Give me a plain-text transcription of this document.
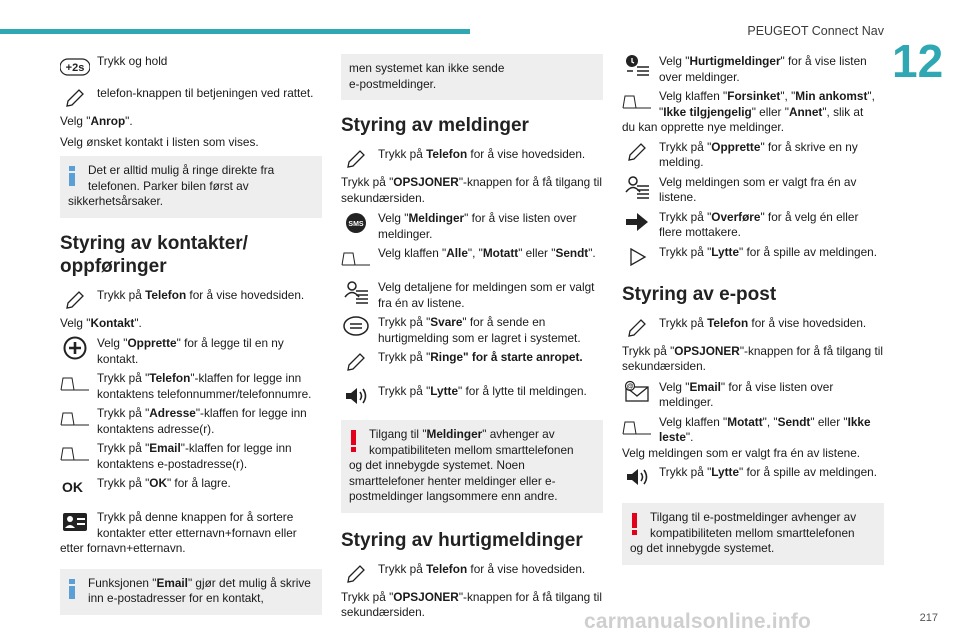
PEUGEOT Connect Nav
12
+2s Trykk og hold
telefon-knappen til betjeningen ved rattet.
Velg "Anrop".
Velg ønsket kontakt i listen som vises.
Det er alltid mulig å ringe direkte fra telefonen. Parker bilen først av
sikkerhetsårsaker.
Styring av kontakter/ oppføringer
Trykk på Telefon for å vise hovedsiden.
Velg "Kontakt".
Velg "Opprette" for å legge til en ny kontakt.
Trykk på "Telefon"-klaffen for legge inn kontaktens telefonnummer/telefonnumre.
Trykk på "Adresse"-klaffen for legge inn kontaktens adresse(r).
Trykk på "Email"-klaffen for legge inn kontaktens e-postadresse(r).
OK	Trykk på "OK" for å lagre.
Trykk på denne knappen for å sortere kontakter etter etternavn+fornavn eller
etter fornavn+etternavn.
Funksjonen "Email" gjør det mulig å skrive inn e-postadresser for en kontakt,
men systemet kan ikke sende e-postmeldinger.
Styring av meldinger
Trykk på Telefon for å vise hovedsiden.
Trykk på "OPSJONER"-knappen for å få tilgang til sekundærsiden.
SMS Velg "Meldinger" for å vise listen over meldinger.
Velg klaffen "Alle", "Motatt" eller "Sendt".
Velg detaljene for meldingen som er valgt fra én av listene.
Trykk på "Svare" for å sende en hurtigmelding som er lagret i systemet.
Trykk på "Ringe" for å starte anropet.
Trykk på "Lytte" for å lytte til meldingen.
Tilgang til "Meldinger" avhenger av kompatibiliteten mellom smarttelefonen
og det innebygde systemet. Noen smarttelefoner henter meldinger eller e-postmeldinger langsommere enn andre.
Styring av hurtigmeldinger
Trykk på Telefon for å vise hovedsiden.
Trykk på "OPSJONER"-knappen for å få tilgang til sekundærsiden.
Velg "Hurtigmeldinger" for å vise listen over meldinger.
Velg klaffen "Forsinket", "Min ankomst", "Ikke tilgjengelig" eller "Annet", slik at
du kan opprette nye meldinger.
Trykk på "Opprette" for å skrive en ny melding.
Velg meldingen som er valgt fra én av listene.
Trykk på "Overføre" for å velg én eller flere mottakere.
Trykk på "Lytte" for å spille av meldingen.
Styring av e-post
Trykk på Telefon for å vise hovedsiden.
Trykk på "OPSJONER"-knappen for å få tilgang til sekundærsiden.
@ Velg "Email" for å vise listen over meldinger.
Velg klaffen "Motatt", "Sendt" eller "Ikke leste".
Velg meldingen som er valgt fra én av listene.
Trykk på "Lytte" for å spille av meldingen.
Tilgang til e-postmeldinger avhenger av kompatibiliteten mellom smarttelefonen
og det innebygde systemet.
carmanualsonline.info	217
